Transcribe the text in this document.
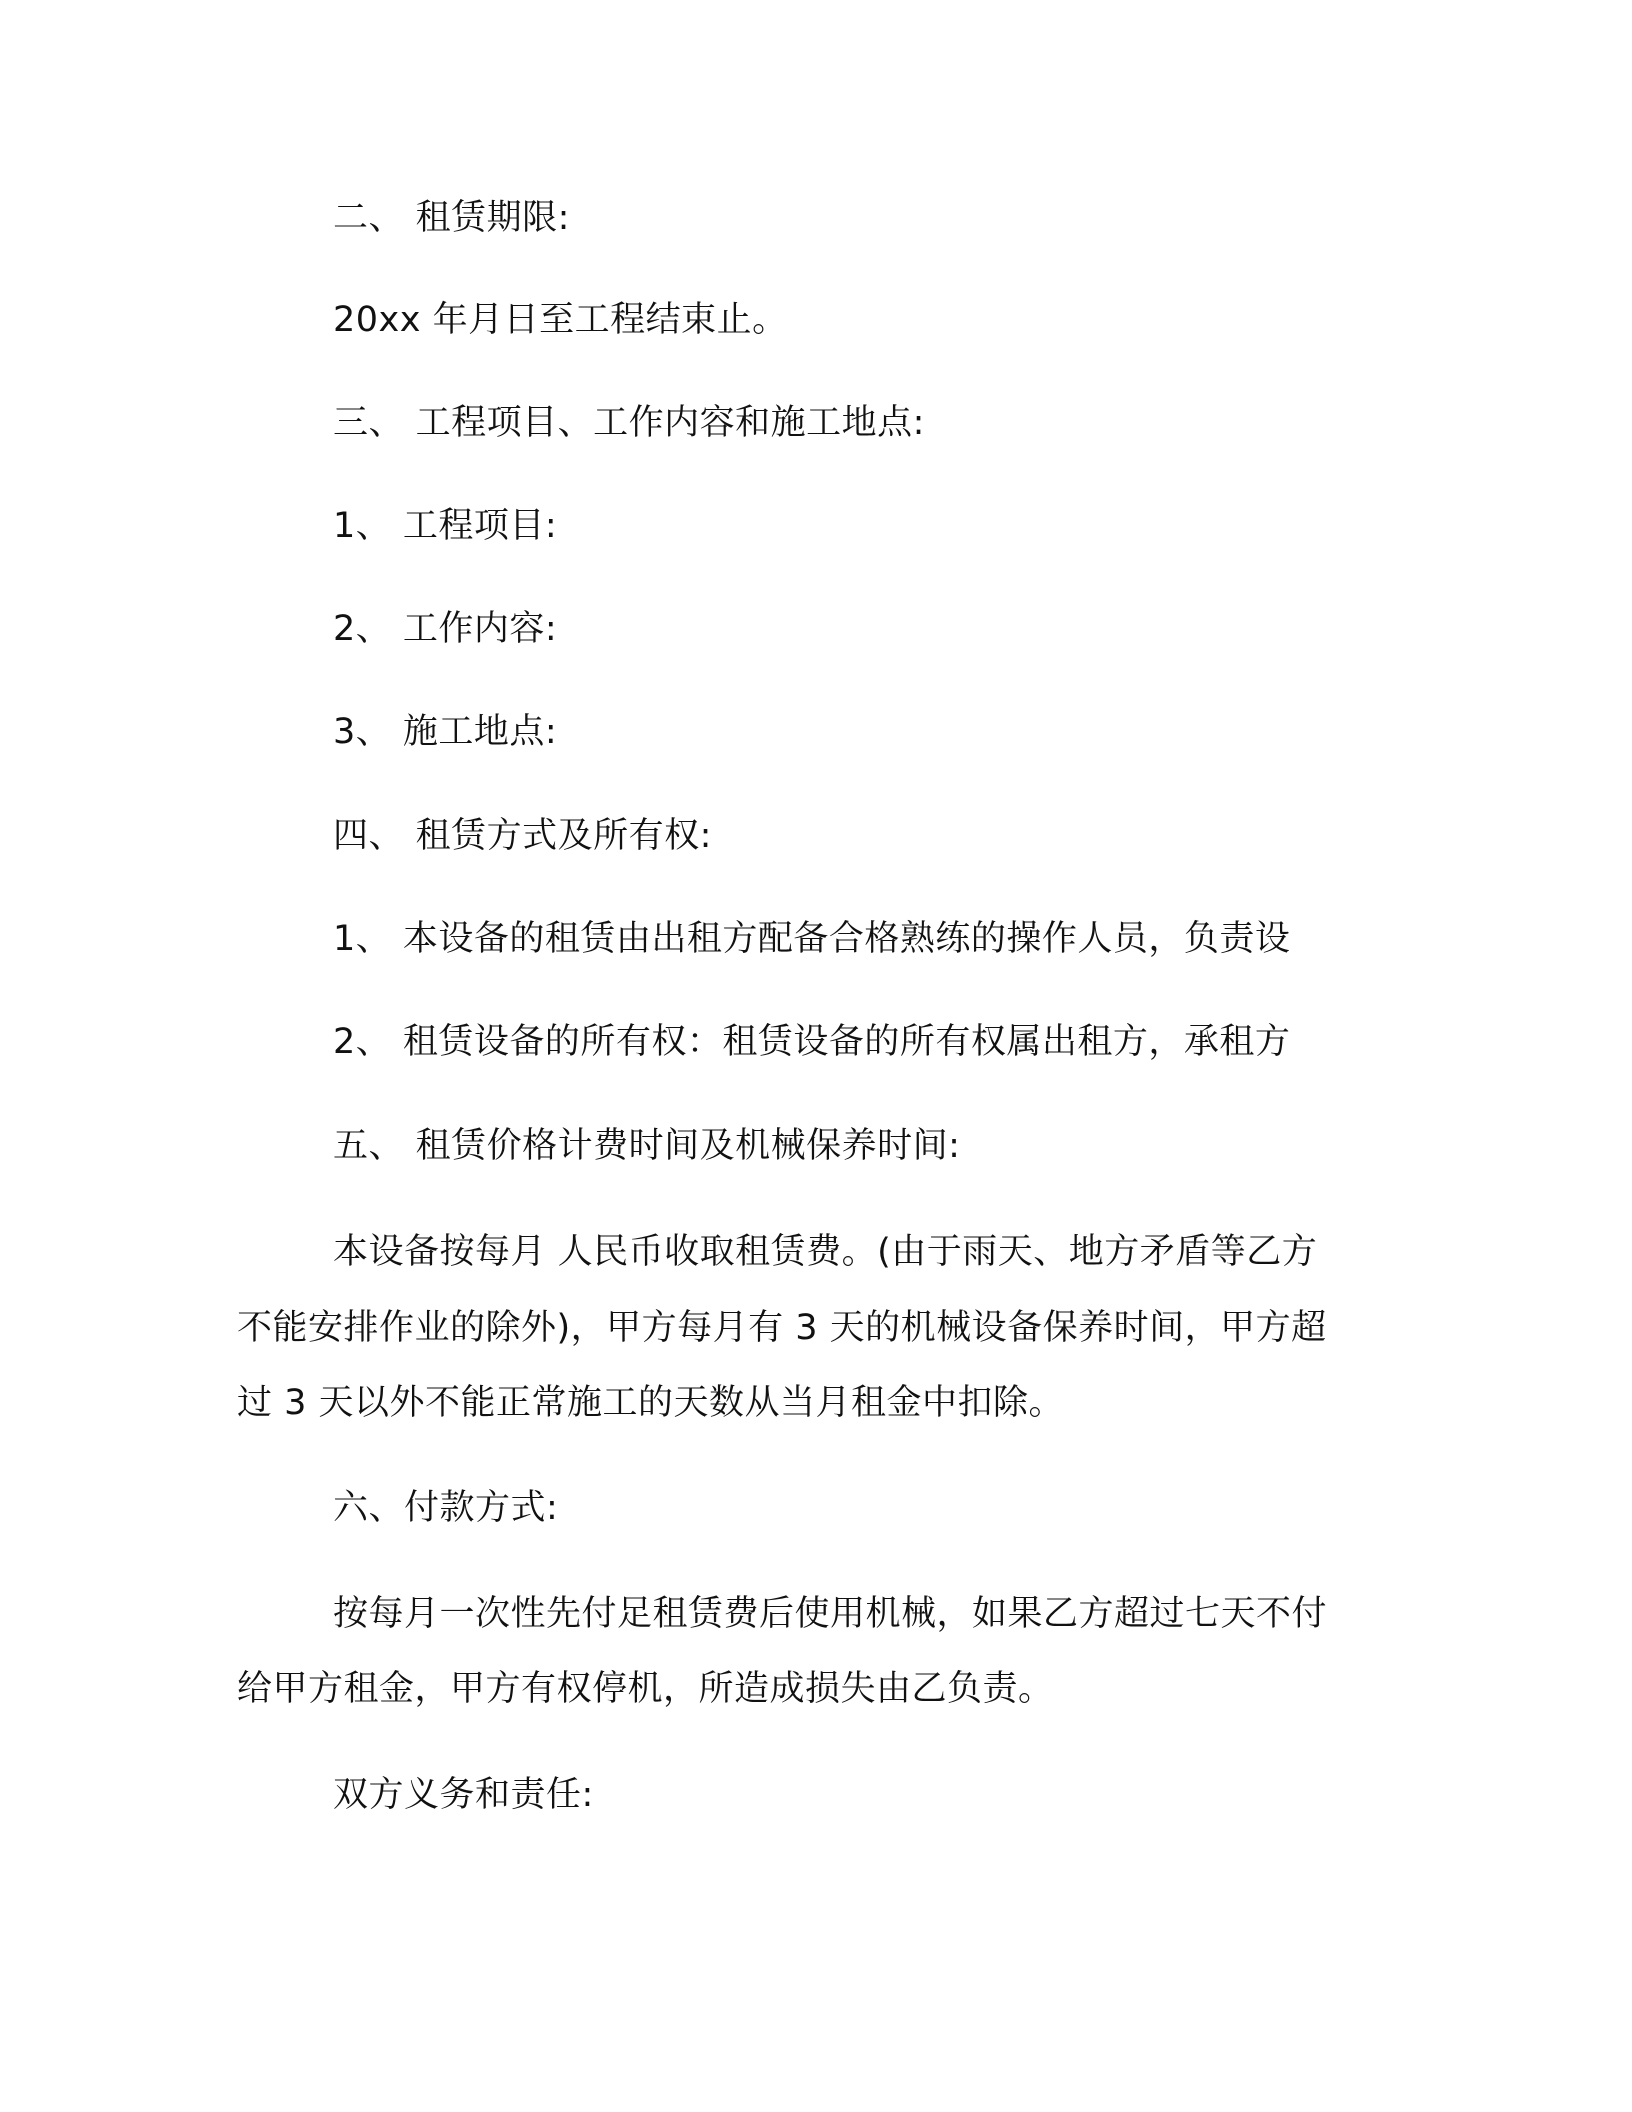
二、 租赁期限:
20xx 年月日至工程结束止。
三、 工程项目、工作内容和施工地点:
1、 工程项目:
2、 工作内容:
3、 施工地点:
四、 租赁方式及所有权:
1、 本设备的租赁由出租方配备合格熟练的操作人员，负责设
2、 租赁设备的所有权：租赁设备的所有权属出租方，承租方
五、 租赁价格计费时间及机械保养时间:
本设备按每月 人民币收取租赁费。(由于雨天、地方矛盾等乙方
不能安排作业的除外)，甲方每月有 3 天的机械设备保养时间，甲方超
过 3 天以外不能正常施工的天数从当月租金中扣除。
六、付款方式:
按每月一次性先付足租赁费后使用机械，如果乙方超过七天不付
给甲方租金，甲方有权停机，所造成损失由乙负责。
双方义务和责任:
